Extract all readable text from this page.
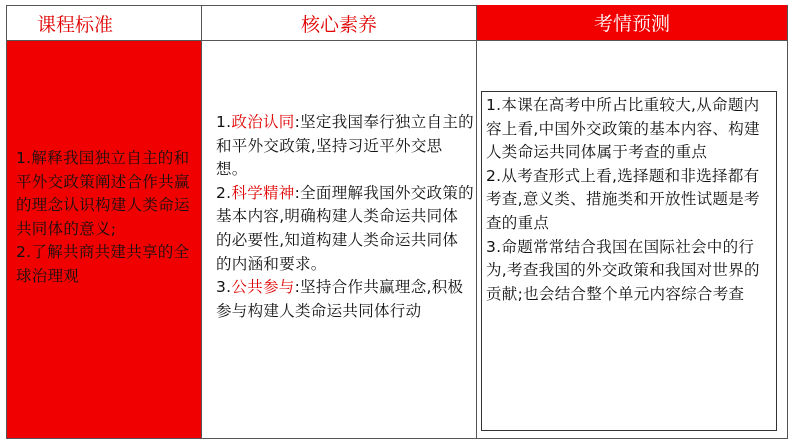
课程标准	核心素养	考情预测
1.解释我国独立自主的和平外交政策阐述合作共赢的理念认识构建人类命运共同体的意义;
2.了解共商共建共享的全球治理观
1.政治认同:坚定我国奉行独立自主的和平外交政策,坚持习近平外交思想。
2.科学精神:全面理解我国外交政策的基本内容,明确构建人类命运共同体的必要性,知道构建人类命运共同体的内涵和要求。
3.公共参与:坚持合作共赢理念,积极参与构建人类命运共同体行动
1.本课在高考中所占比重较大,从命题内容上看,中国外交政策的基本内容、构建人类命运共同体属于考查的重点
2.从考查形式上看,选择题和非选择都有考查,意义类、措施类和开放性试题是考查的重点
3.命题常常结合我国在国际社会中的行为,考查我国的外交政策和我国对世界的贡献;也会结合整个单元内容综合考查
